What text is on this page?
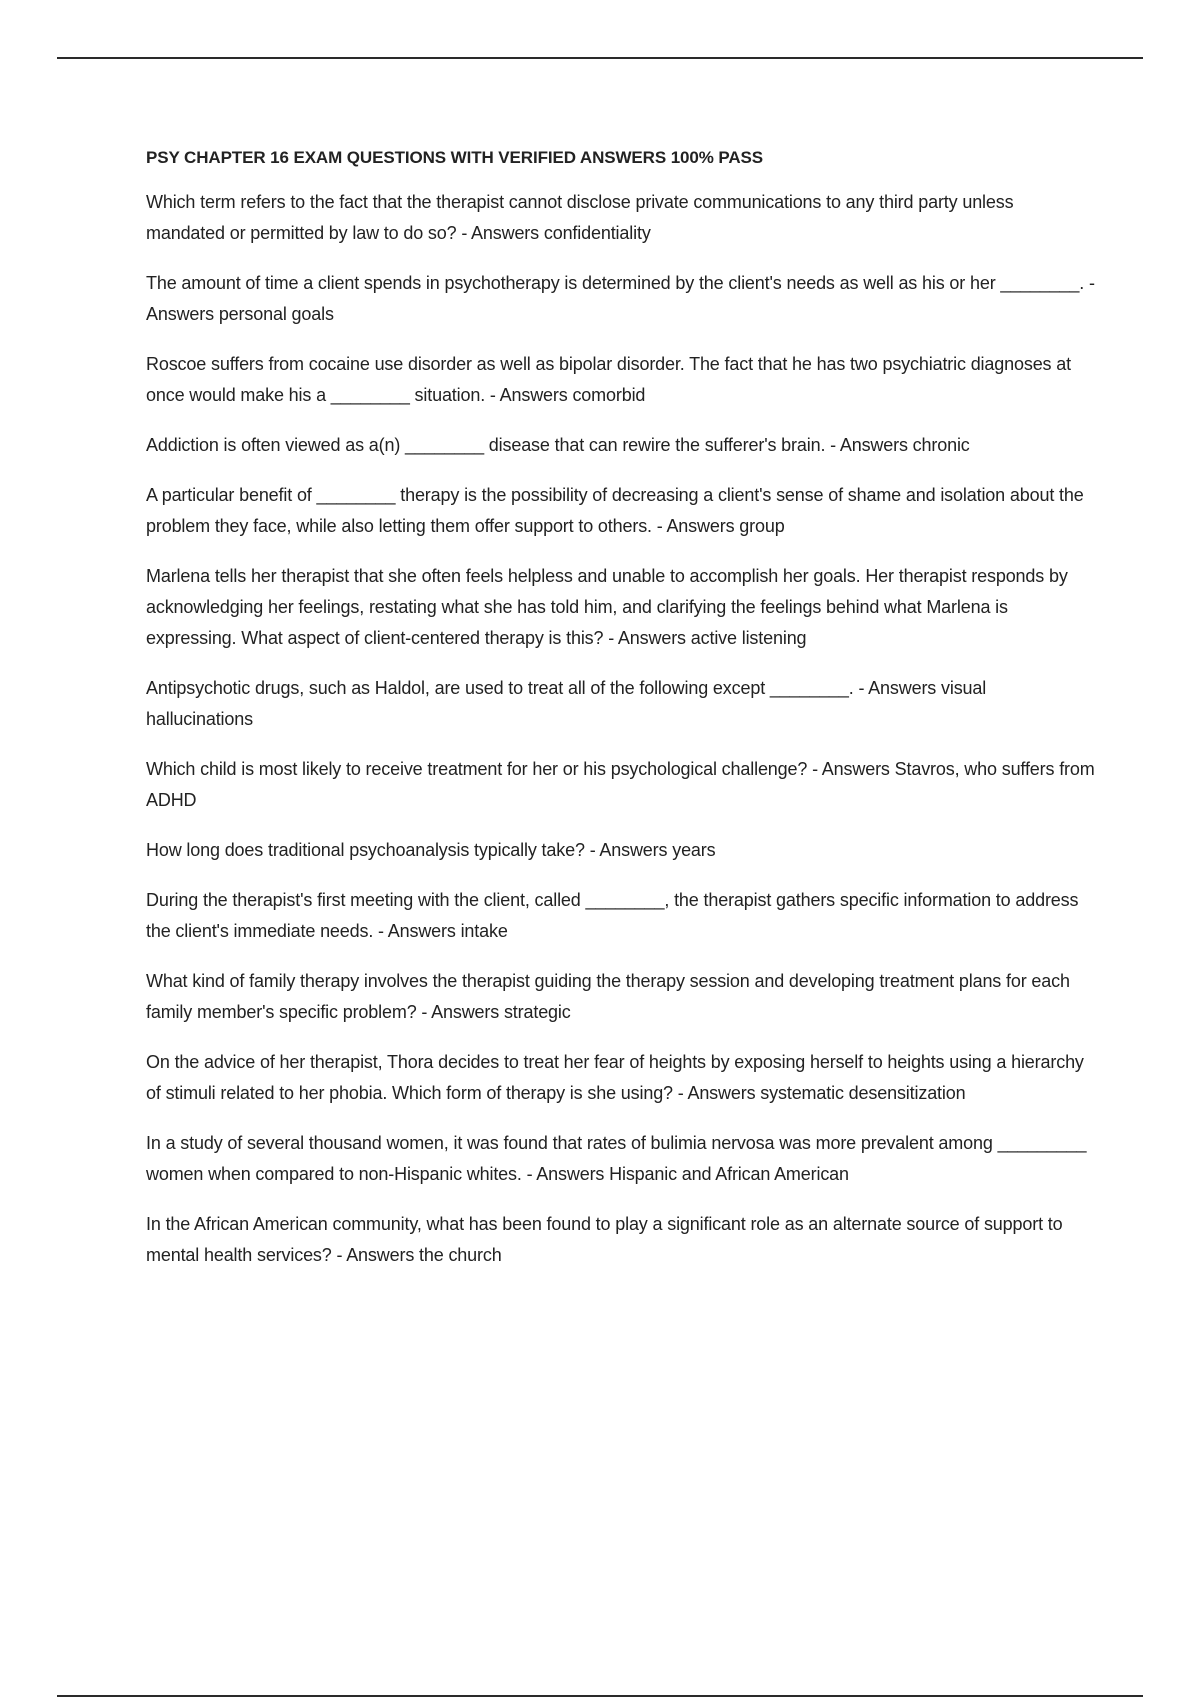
PSY CHAPTER 16 EXAM QUESTIONS WITH VERIFIED ANSWERS 100% PASS

Which term refers to the fact that the therapist cannot disclose private communications to any third party unless mandated or permitted by law to do so? - Answers confidentiality

The amount of time a client spends in psychotherapy is determined by the client's needs as well as his or her ________. - Answers personal goals

Roscoe suffers from cocaine use disorder as well as bipolar disorder. The fact that he has two psychiatric diagnoses at once would make his a ________ situation. - Answers comorbid

Addiction is often viewed as a(n) ________ disease that can rewire the sufferer's brain. - Answers chronic

A particular benefit of ________ therapy is the possibility of decreasing a client's sense of shame and isolation about the problem they face, while also letting them offer support to others. - Answers group

Marlena tells her therapist that she often feels helpless and unable to accomplish her goals. Her therapist responds by acknowledging her feelings, restating what she has told him, and clarifying the feelings behind what Marlena is expressing. What aspect of client-centered therapy is this? - Answers active listening

Antipsychotic drugs, such as Haldol, are used to treat all of the following except ________. - Answers visual hallucinations

Which child is most likely to receive treatment for her or his psychological challenge? - Answers Stavros, who suffers from ADHD

How long does traditional psychoanalysis typically take? - Answers years

During the therapist's first meeting with the client, called ________, the therapist gathers specific information to address the client's immediate needs. - Answers intake

What kind of family therapy involves the therapist guiding the therapy session and developing treatment plans for each family member's specific problem? - Answers strategic

On the advice of her therapist, Thora decides to treat her fear of heights by exposing herself to heights using a hierarchy of stimuli related to her phobia. Which form of therapy is she using? - Answers systematic desensitization

In a study of several thousand women, it was found that rates of bulimia nervosa was more prevalent among _________ women when compared to non-Hispanic whites. - Answers Hispanic and African American

In the African American community, what has been found to play a significant role as an alternate source of support to mental health services? - Answers the church
